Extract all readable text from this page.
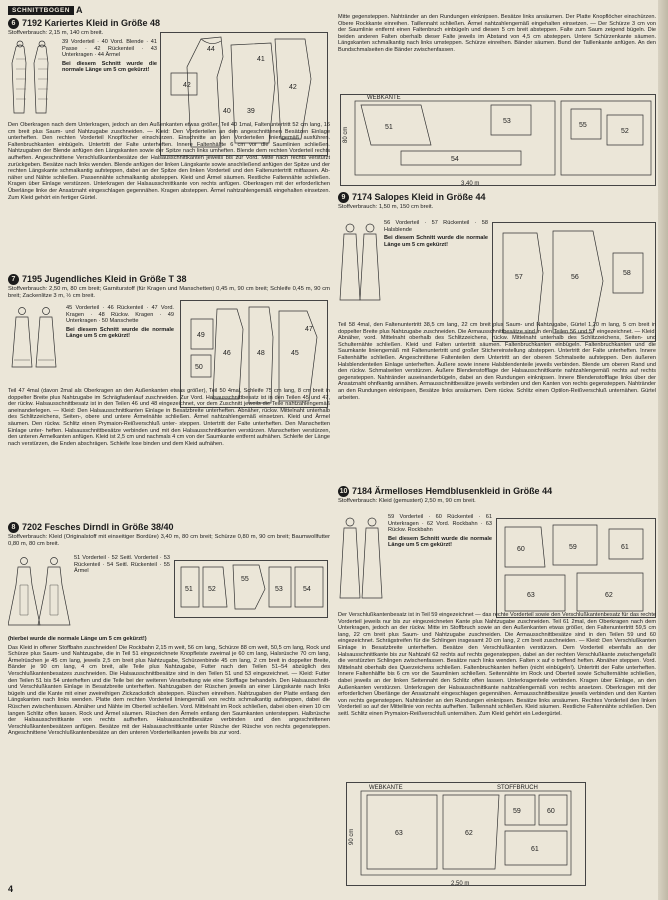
SCHNITTBOGEN A
6 7192 Kariertes Kleid in Größe 48
Stoffverbrauch: 2,15 m, 140 cm breit.
39 Vorderteil · 40 Vord. Blende · 41 Passe · 42 Rückenteil · 43 Unterkragen · 44 Ärmel
Bei diesem Schnitt wurde die normale Länge um 5 cm gekürzt!
42
44
39
40
42
41

Den Oberkragen nach dem Unterkragen, jedoch an den Außenkanten etwas größer, Teil 40 1mal, Faltenuntertritt 52 cm lang, 16 cm breit plus Saum- und Nahtzugabe zuschneiden. — Kleid: Den Vorderteilen an den angeschnittenen Besätzen Einlage unterheften. Den rechten Vorderteil Knopflöcher einschürzen. Einschnitte an den Vorderteilen liniengemäß ausführen. Faltenbruchkanten einbügeln. Untertritt der Falte unterheften. Innere Faltenhälfte 6 cm vor die Saumlinien schließen. Nahtzugaben der Blende anfügen den Längskanten sowie der Spitze nach links umheften. Blende dem rechten Vorderteil rechts aufheften. Angeschnittene Verschlußkantenbesätze der Halsausschnittkanten jeweils bis zur Vord. Mitte nach rechts verstürzt zurückgeben. Besätze nach links wenden. Blende anfügen der linken Längskante sowie anschließend anfügen der Spitze und der rechten Längskante schmalkantig aufsteppen, dabei an der Spitze den linken Vorderteil und den Faltenuntertritt mitfassen. Ab- näher und Nähte schließen. Passennähte schmalkantig absteppen. Kleid und Ärmel säumen. Restliche Faltennähte schließen. Kragen über Einlage verstürzen. Unterkragen der Halsausschnittkante von rechts anfügen. Oberkragen mit der erforderlichen Überlänge linke der Ansatznaht eingeschlagen gegennähen. Kragen absteppen. Ärmel nahtzahlengemäß eingehalten einsetzen. Zum Kleid gehört ein fertiger Gürtel.

7 7195 Jugendliches Kleid in Größe T 38
Stoffverbrauch: 2,50 m, 80 cm breit; Garniturstoff (für Kragen und Manschetten) 0,45 m, 90 cm breit; Schleife 0,45 m, 90 cm breit; Zackenlitze 3 m, ½ cm breit.
45 Vorderteil · 46 Rückenteil · 47 Vord. Kragen · 48 Rückw. Kragen · 49 Unterkragen · 50 Manschette
Bei diesem Schnitt wurde die normale Länge um 5 cm gekürzt!	49
46	48	45
50
47

Teil 47 4mal (davon 2mal als Oberkragen an den Außenkanten etwas größer), Teil 50 4mal, Schleife 75 cm lang, 8 cm breit in doppelter Breite plus Nahtzugabe im Schrägfadenlauf zuschneiden. Zur Vord. Halsausschnittbesatz ist in den Teilen 45 und 47, der rückw. Halsausschnittbesatz ist in den Teilen 46 und 48 eingezeichnet, vor dem Zuschnitt jeweils die Teile nahtzahlengemäß aneinanderlegen. — Kleid: Den Halsausschnittkanten Einlage in Besatzbreite unterheften. Abnäher, rückw. Mittelnaht unterhalb des Schlitzzeichens, Seiten-, obere und untere Ärmelnähte schließen. Ärmel nahtzahlengemäß einsetzen. Kleid und Ärmel säumen. Den rückw. Schlitz einen Prymaion-Reißverschluß unter- steppen. Untertritt der Falte unterheften. Den Manschetten Einlage unter- heften. Halsausschnittbesätze verbinden und mit den Halsausschnittkanten verstürzen. Manschetten verstürzen, den unteren Ärmelkanten anfügen. Kleid ist 2,5 cm und nachmals 4 cm von der Saumkante entfernt aufnähen. Schleife der Länge nach verstürzen, die Enden abschrägen. Schleife lose binden und dem Kleid aufnähen.

8 7202 Fesches Dirndl in Größe 38/40
Stoffverbrauch: Kleid (Originalstoff mit einseitiger Bordüre) 3,40 m, 80 cm breit; Schürze 0,80 m, 90 cm breit; Baumwollfutter 0,80 m, 80 cm breit.
51 Vorderteil · 52 Seitl. Vorderteil · 53 Rückenteil · 54 Seitl. Rückenteil · 55 Ärmel
51 52
55
53	54

(hierbei wurde die normale Länge um 5 cm gekürzt!)

Das Kleid in offener Stoffbahn zuschneiden! Die Rockbahn 2,15 m weit, 56 cm lang, Schürze 88 cm weit, 50,5 cm lang, Rock und Schürze plus Saum- und Nahtzugabe, die in Teil 51 eingezeichnete Knopfleiste zweimal je 60 cm lang, Halsrüsche 70 cm lang, Ärmelrüschen je 45 cm lang, jeweils 2,5 cm breit plus Nahtzugabe, Schürzenbinde 45 cm lang, 2 cm breit in doppelter Breite, Bänder je 90 cm lang, 4 cm breit, alle Teile plus Nahtzugabe, Futter nach den Teilen 51–54 abzüglich des Verschlußkantenbesatzes zuschneiden. Die Halsausschnittbesätze sind in den Teilen 51 und 53 eingezeichnet. — Kleid: Futter den Teilen 51 bis 54 unterheften und die Teile bei der weiteren Verarbeitung wie eine Stofflage behandeln. Den Halsausschnitt- und Verschlußkanten Einlage in Besatzbreite unterheften. Nahtzugaben der Rüschen jeweils an einer Längskante nach links bügeln und die Kante mit einer zweireihigen Zickzackstich absteppen. Rüschen einreihen. Nahtzugaben der Platte entlang den Längskanten nach links wenden. Platte dem rechten Vorderteil liniengemäß von rechts schmalkantig aufsteppen, dabei die Rüschen zwischenfassen. Abnäher und Nähte im Oberteil schließen. Vord. Mittelnaht im Rock schließen, dabei oben einen 10 cm langen Schlitz offen lassen. Rock und Ärmel säumen. Rüschen den Ärmeln entlang den Saumkanten untersteppen. Halbrüsche der Halsausschnittkante von rechts aufheften. Halsausschnittbesätze verbinden und den angeschnittenen Verschlußkantenbesätzen anfügen. Besätze mit der Halsausschnittkante unter Rüsche der Rüsche von rechts gegensteppen. Angeschnittene Verschlußkantenbesätze an den unteren Vorderteilkanten jeweils bis zur vord.

4

Mitte gegensteppen. Nahtränder an den Rundungen einknipsen. Besätze links ansäumen. Der Platte Knopflöcher einschürzen. Obere Rockkante einreihen. Taillennaht schließen. Ärmel nahtzahlengemäß eingehalten einsetzen. — Der Schürze 3 cm von der Saumlinie entfernt einen Faltenbruch einbügeln und diesen 5 cm breit absteppen. Falte zum Saum zeigend bügeln. Die beiden anderen Falten oberhalb dieser Falte jeweils im Abstand von 4,5 cm absteppen. Untere Schürzenkante säumen. Längskanten schmalkantig nach links umsteppen. Schürze einreihen. Bänder säumen. Bund der Taillenkante anfügen. An den Bundschmalseiten die Bänder zwischenfassen.

WEBKANTE
80 cm
3,40 m
51
53
55
52
54
9 7174 Salopes Kleid in Größe 44
Stoffverbrauch: 1,50 m, 150 cm breit.
56 Vorderteil · 57 Rückenteil · 58 Halsblende
Bei diesem Schnitt wurde die normale Länge um 5 cm gekürzt!
57	56
58

Teil 58 4mal, den Faltenuntertritt 38,5 cm lang, 22 cm breit plus Saum- und Nahtzugabe, Gürtel 1,20 m lang, 5 cm breit in doppelter Breite plus Nahtzugabe zuschneiden. Die Armausschnittbesätze sind in den Teilen 56 und 57 eingezeichnet. — Kleid: Abnäher, vord. Mittelnaht oberhalb des Schlitzzeichens, rückw. Mittelnaht unterhalb des Schlitzzeichens, Seiten- und Schulternähte schließen. Kleid und Falten untertritt säumen. Faltenbruchkanten einbügeln. Faltenbruchkanten und die Saumkante liniengemäß mit Faltenuntertritt und großer Stichereinstellung absteppen. Untertritt der Falte unterheften. Innere Faltenhälfte schließen. Angeschnittene Faltenteilen dem Untertritt an der oberen Schmalseite aufsteppen. Den äußeren Halsblendenteilen Einlage unterheften. Äußere sowie innere Halsblendenteile jeweils verbinden. Blende um oberen Rand und den rückw. Schmalseiten verstürzen. Äußere Blendenstofflage der Halsausschnittkante nahtzahlengemäß rechts auf rechts gegensteppen. Nahtränder auseinanderbügeln, dabei an den Rundungen einknipsen. Innere Blendenstofflage links über der Ansatznaht ohnfkantig annähen. Armausschnittbesätze jeweils verbinden und den Kanten von rechts gegensteppen. Nahtränder an den Rundungen einknipsen, Besätze links ansäumen. Dem rückw. Schlitz einen Optilon-Reißverschluß unternähen. Gürtel arbeiten.

10 7184 Ärmelloses Hemdblusenkleid in Größe 44
Stoffverbrauch: Kleid (gemustert) 2,50 m, 90 cm breit.
59 Vorderteil · 60 Rückenteil · 61 Unterkragen · 62 Vord. Rockbahn · 63 Rückw. Rockbahn
Bei diesem Schnitt wurde die normale Länge um 5 cm gekürzt!
60	59
63	62
61

Der Verschlußkantenbesatz ist in Teil 59 eingezeichnet — das rechte Vorderteil sowie den Verschlußkantenbesatz für das rechte Vorderteil jeweils nur bis zur eingezeichneten Kante plus Nahtzugabe zuschneiden. Teil 61 2mal, den Oberkragen nach dem Unterkragen, jedoch an der rückw. Mitte im Stoffbruch sowie an den Außenkanten etwas größer, den Faltenuntertritt 59,5 cm lang, 22 cm breit plus Saum- und Nahtzugabe zuschneiden. Die Armausschnittbesätze sind in den Teilen 59 und 60 eingezeichnet. Schrägstreifen für die Schlingen insgesamt 20 cm lang, 2 cm breit zuschneiden. — Kleid: Den Verschlußkanten Einlage in Besatzbreite unterheften. Besätze den Verschlußkanten verstürzen. Dem Vorderteil ebenfalls an der Halsausschnittkante bis zur Nahtzahl 62 rechts auf rechts gegensteppen, dabei an der rechten Verschlußkante zwischengefaßt die verstürzten Schlingen zwischenfassen. Besätze nach links wenden. Falten x auf o treffend heften. Abnäher steppen. Vord. Mittelnaht oberhalb des Querzeichens schließen. Faltenbruchkanten heften (nicht einbügeln!). Untertritt der Falte unterheften. Innere Faltenhälfte bis 6 cm vor die Saumlinien schließen. Seitennähte im Rock und Oberteil sowie Schulternähte schließen, dabei jeweils an der linken Seitennaht den Schlitz offen lassen. Unterkragenteile verbinden. Kragen über Einlage, an den Außenkanten verstürzen. Unterkragen der Halsausschnittkante nahtzahlengemäß von rechts ansetzen. Oberkragen mit der erforderlichen Überlänge der Ansatznaht eingeschlagen gegennähen. Armausschnittbesätze jeweils verbinden und den Kanten von rechts gegensteppen. Nahtränder an den Rundungen einknipsen. Besätze links ansäumen. Rechtes Vorderteil den linken Vorderteil so auf der Mittellinie von rechts aufheften. Taillennaht schließen. Kleid säumen. Restliche Faltennähte schließen. Den seitl. Schlitz einen Prymaion-Reißverschluß unternähen. Zum Kleid gehört ein Ledergürtel.

WEBKANTE	STOFFBRUCH
90 cm
2,50 m
63	62
59	60
61
